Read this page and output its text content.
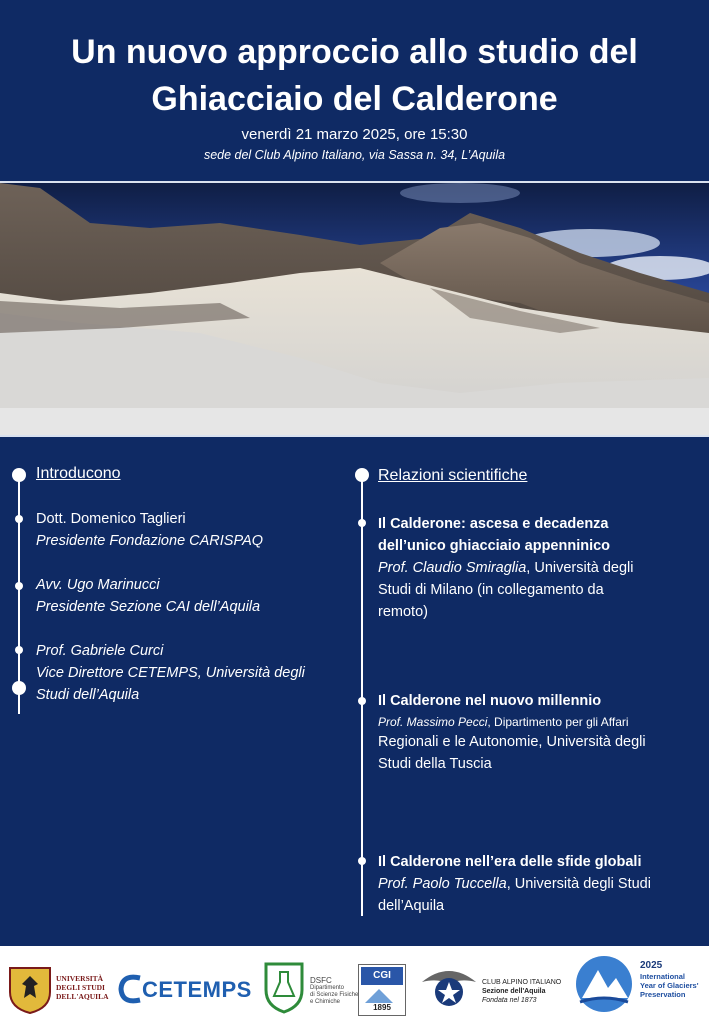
Un nuovo approccio allo studio del
Ghiacciaio del Calderone
venerdì 21 marzo 2025, ore 15:30
sede del Club Alpino Italiano, via Sassa n. 34, L’Aquila
Introducono
Dott. Domenico Taglieri
Presidente Fondazione CARISPAQ
Avv. Ugo Marinucci
Presidente Sezione CAI dell’Aquila
Prof. Gabriele Curci
Vice Direttore CETEMPS, Università degli
Studi dell’Aquila
Relazioni scientifiche
Il Calderone: ascesa e decadenza
dell’unico ghiacciaio appenninico
Prof. Claudio Smiraglia, Università degli
Studi di Milano (in collegamento da
remoto)
Il Calderone nel nuovo millennio
Prof. Massimo Pecci, Dipartimento per gli Affari
Regionali e le Autonomie, Università degli
Studi della Tuscia
Il Calderone nell’era delle sfide globali
Prof. Paolo Tuccella, Università degli Studi
dell’Aquila
UNIVERSITÀ
DEGLI STUDI
DELL'AQUILA CETEMPS	DSFC
Dipartimento
di Scienze Fisiche
e Chimiche
CGI
1895
CLUB ALPINO ITALIANO
Sezione dell'Aquila
Fondata nel 1873
2025
International
Year of Glaciers'
Preservation
